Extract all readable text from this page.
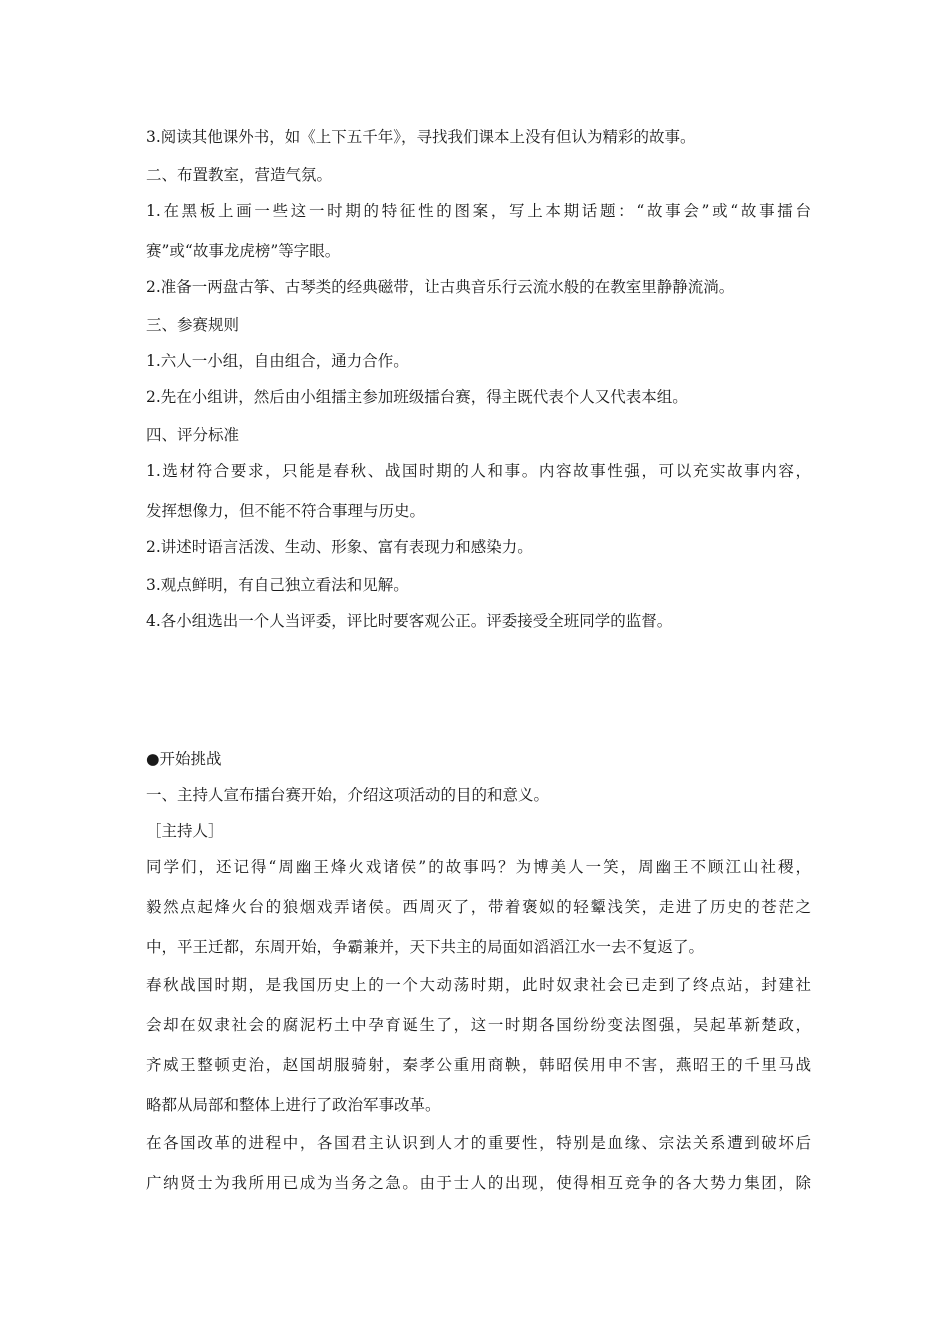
3.阅读其他课外书，如《上下五千年》，寻找我们课本上没有但认为精彩的故事。
二、布置教室，营造气氛。
1.在黑板上画一些这一时期的特征性的图案，写上本期话题：“故事会”或“故事擂台
赛”或“故事龙虎榜”等字眼。
2.准备一两盘古筝、古琴类的经典磁带，让古典音乐行云流水般的在教室里静静流淌。
三、参赛规则
1.六人一小组，自由组合，通力合作。
2.先在小组讲，然后由小组擂主参加班级擂台赛，得主既代表个人又代表本组。
四、评分标准
1.选材符合要求，只能是春秋、战国时期的人和事。内容故事性强，可以充实故事内容，
发挥想像力，但不能不符合事理与历史。
2.讲述时语言活泼、生动、形象、富有表现力和感染力。
3.观点鲜明，有自己独立看法和见解。
4.各小组选出一个人当评委，评比时要客观公正。评委接受全班同学的监督。
●开始挑战
一、主持人宣布擂台赛开始，介绍这项活动的目的和意义。
［主持人］
同学们，还记得“周幽王烽火戏诸侯”的故事吗？为博美人一笑，周幽王不顾江山社稷，
毅然点起烽火台的狼烟戏弄诸侯。西周灭了，带着褒姒的轻颦浅笑，走进了历史的苍茫之
中，平王迁都，东周开始，争霸兼并，天下共主的局面如滔滔江水一去不复返了。
春秋战国时期，是我国历史上的一个大动荡时期，此时奴隶社会已走到了终点站，封建社
会却在奴隶社会的腐泥朽土中孕育诞生了，这一时期各国纷纷变法图强，吴起革新楚政，
齐威王整顿吏治，赵国胡服骑射，秦孝公重用商鞅，韩昭侯用申不害，燕昭王的千里马战
略都从局部和整体上进行了政治军事改革。
在各国改革的进程中，各国君主认识到人才的重要性，特别是血缘、宗法关系遭到破坏后
广纳贤士为我所用已成为当务之急。由于士人的出现，使得相互竞争的各大势力集团，除
